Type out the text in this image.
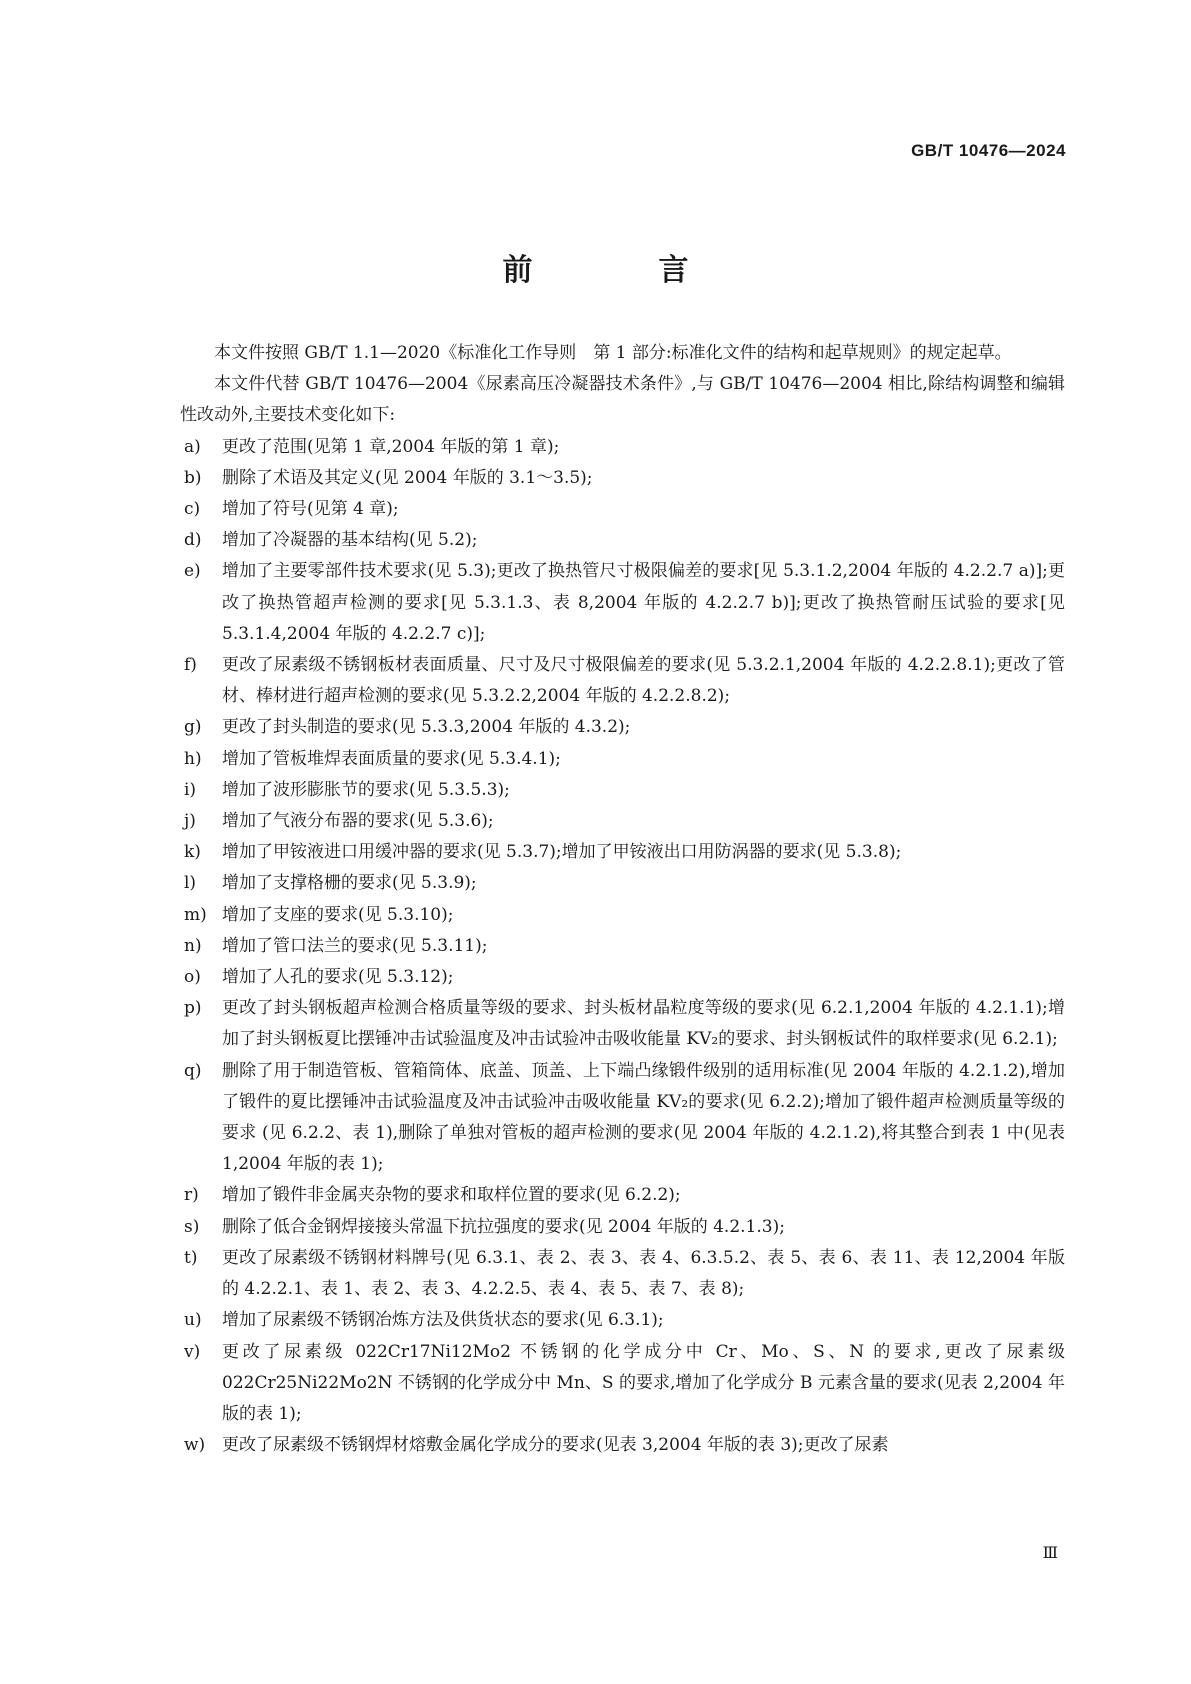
GB/T 10476—2024
前　言

本文件按照 GB/T 1.1—2020《标准化工作导则　第 1 部分:标准化文件的结构和起草规则》的规定起草。

本文件代替 GB/T 10476—2004《尿素高压冷凝器技术条件》,与 GB/T 10476—2004 相比,除结构调整和编辑性改动外,主要技术变化如下:

a)	更改了范围(见第 1 章,2004 年版的第 1 章);
b)	删除了术语及其定义(见 2004 年版的 3.1～3.5);
c)	增加了符号(见第 4 章);
d)	增加了冷凝器的基本结构(见 5.2);
e)	增加了主要零部件技术要求(见 5.3);更改了换热管尺寸极限偏差的要求[见 5.3.1.2,2004 年版的 4.2.2.7 a)];更改了换热管超声检测的要求[见 5.3.1.3、表 8,2004 年版的 4.2.2.7 b)];更改了换热管耐压试验的要求[见 5.3.1.4,2004 年版的 4.2.2.7 c)];
f)	更改了尿素级不锈钢板材表面质量、尺寸及尺寸极限偏差的要求(见 5.3.2.1,2004 年版的 4.2.2.8.1);更改了管材、棒材进行超声检测的要求(见 5.3.2.2,2004 年版的 4.2.2.8.2);
g)	更改了封头制造的要求(见 5.3.3,2004 年版的 4.3.2);
h)	增加了管板堆焊表面质量的要求(见 5.3.4.1);
i)	增加了波形膨胀节的要求(见 5.3.5.3);
j)	增加了气液分布器的要求(见 5.3.6);
k)	增加了甲铵液进口用缓冲器的要求(见 5.3.7);增加了甲铵液出口用防涡器的要求(见 5.3.8);
l)	增加了支撑格栅的要求(见 5.3.9);
m) 增加了支座的要求(见 5.3.10);
n)	增加了管口法兰的要求(见 5.3.11);
o)	增加了人孔的要求(见 5.3.12);
p)	更改了封头钢板超声检测合格质量等级的要求、封头板材晶粒度等级的要求(见 6.2.1,2004 年版的 4.2.1.1);增加了封头钢板夏比摆锤冲击试验温度及冲击试验冲击吸收能量 KV₂的要求、封头钢板试件的取样要求(见 6.2.1);
q)	删除了用于制造管板、管箱筒体、底盖、顶盖、上下端凸缘锻件级别的适用标准(见 2004 年版的 4.2.1.2),增加了锻件的夏比摆锤冲击试验温度及冲击试验冲击吸收能量 KV₂的要求(见 6.2.2);增加了锻件超声检测质量等级的要求 (见 6.2.2、表 1),删除了单独对管板的超声检测的要求(见 2004 年版的 4.2.1.2),将其整合到表 1 中(见表 1,2004 年版的表 1);
r)	增加了锻件非金属夹杂物的要求和取样位置的要求(见 6.2.2);
s)	删除了低合金钢焊接接头常温下抗拉强度的要求(见 2004 年版的 4.2.1.3);
t)	更改了尿素级不锈钢材料牌号(见 6.3.1、表 2、表 3、表 4、6.3.5.2、表 5、表 6、表 11、表 12,2004 年版的 4.2.2.1、表 1、表 2、表 3、4.2.2.5、表 4、表 5、表 7、表 8);
u)	增加了尿素级不锈钢冶炼方法及供货状态的要求(见 6.3.1);
v)	更改了尿素级 022Cr17Ni12Mo2 不锈钢的化学成分中 Cr、Mo、S、N 的要求,更改了尿素级 022Cr25Ni22Mo2N 不锈钢的化学成分中 Mn、S 的要求,增加了化学成分 B 元素含量的要求(见表 2,2004 年版的表 1);
w) 更改了尿素级不锈钢焊材熔敷金属化学成分的要求(见表 3,2004 年版的表 3);更改了尿素
Ⅲ
